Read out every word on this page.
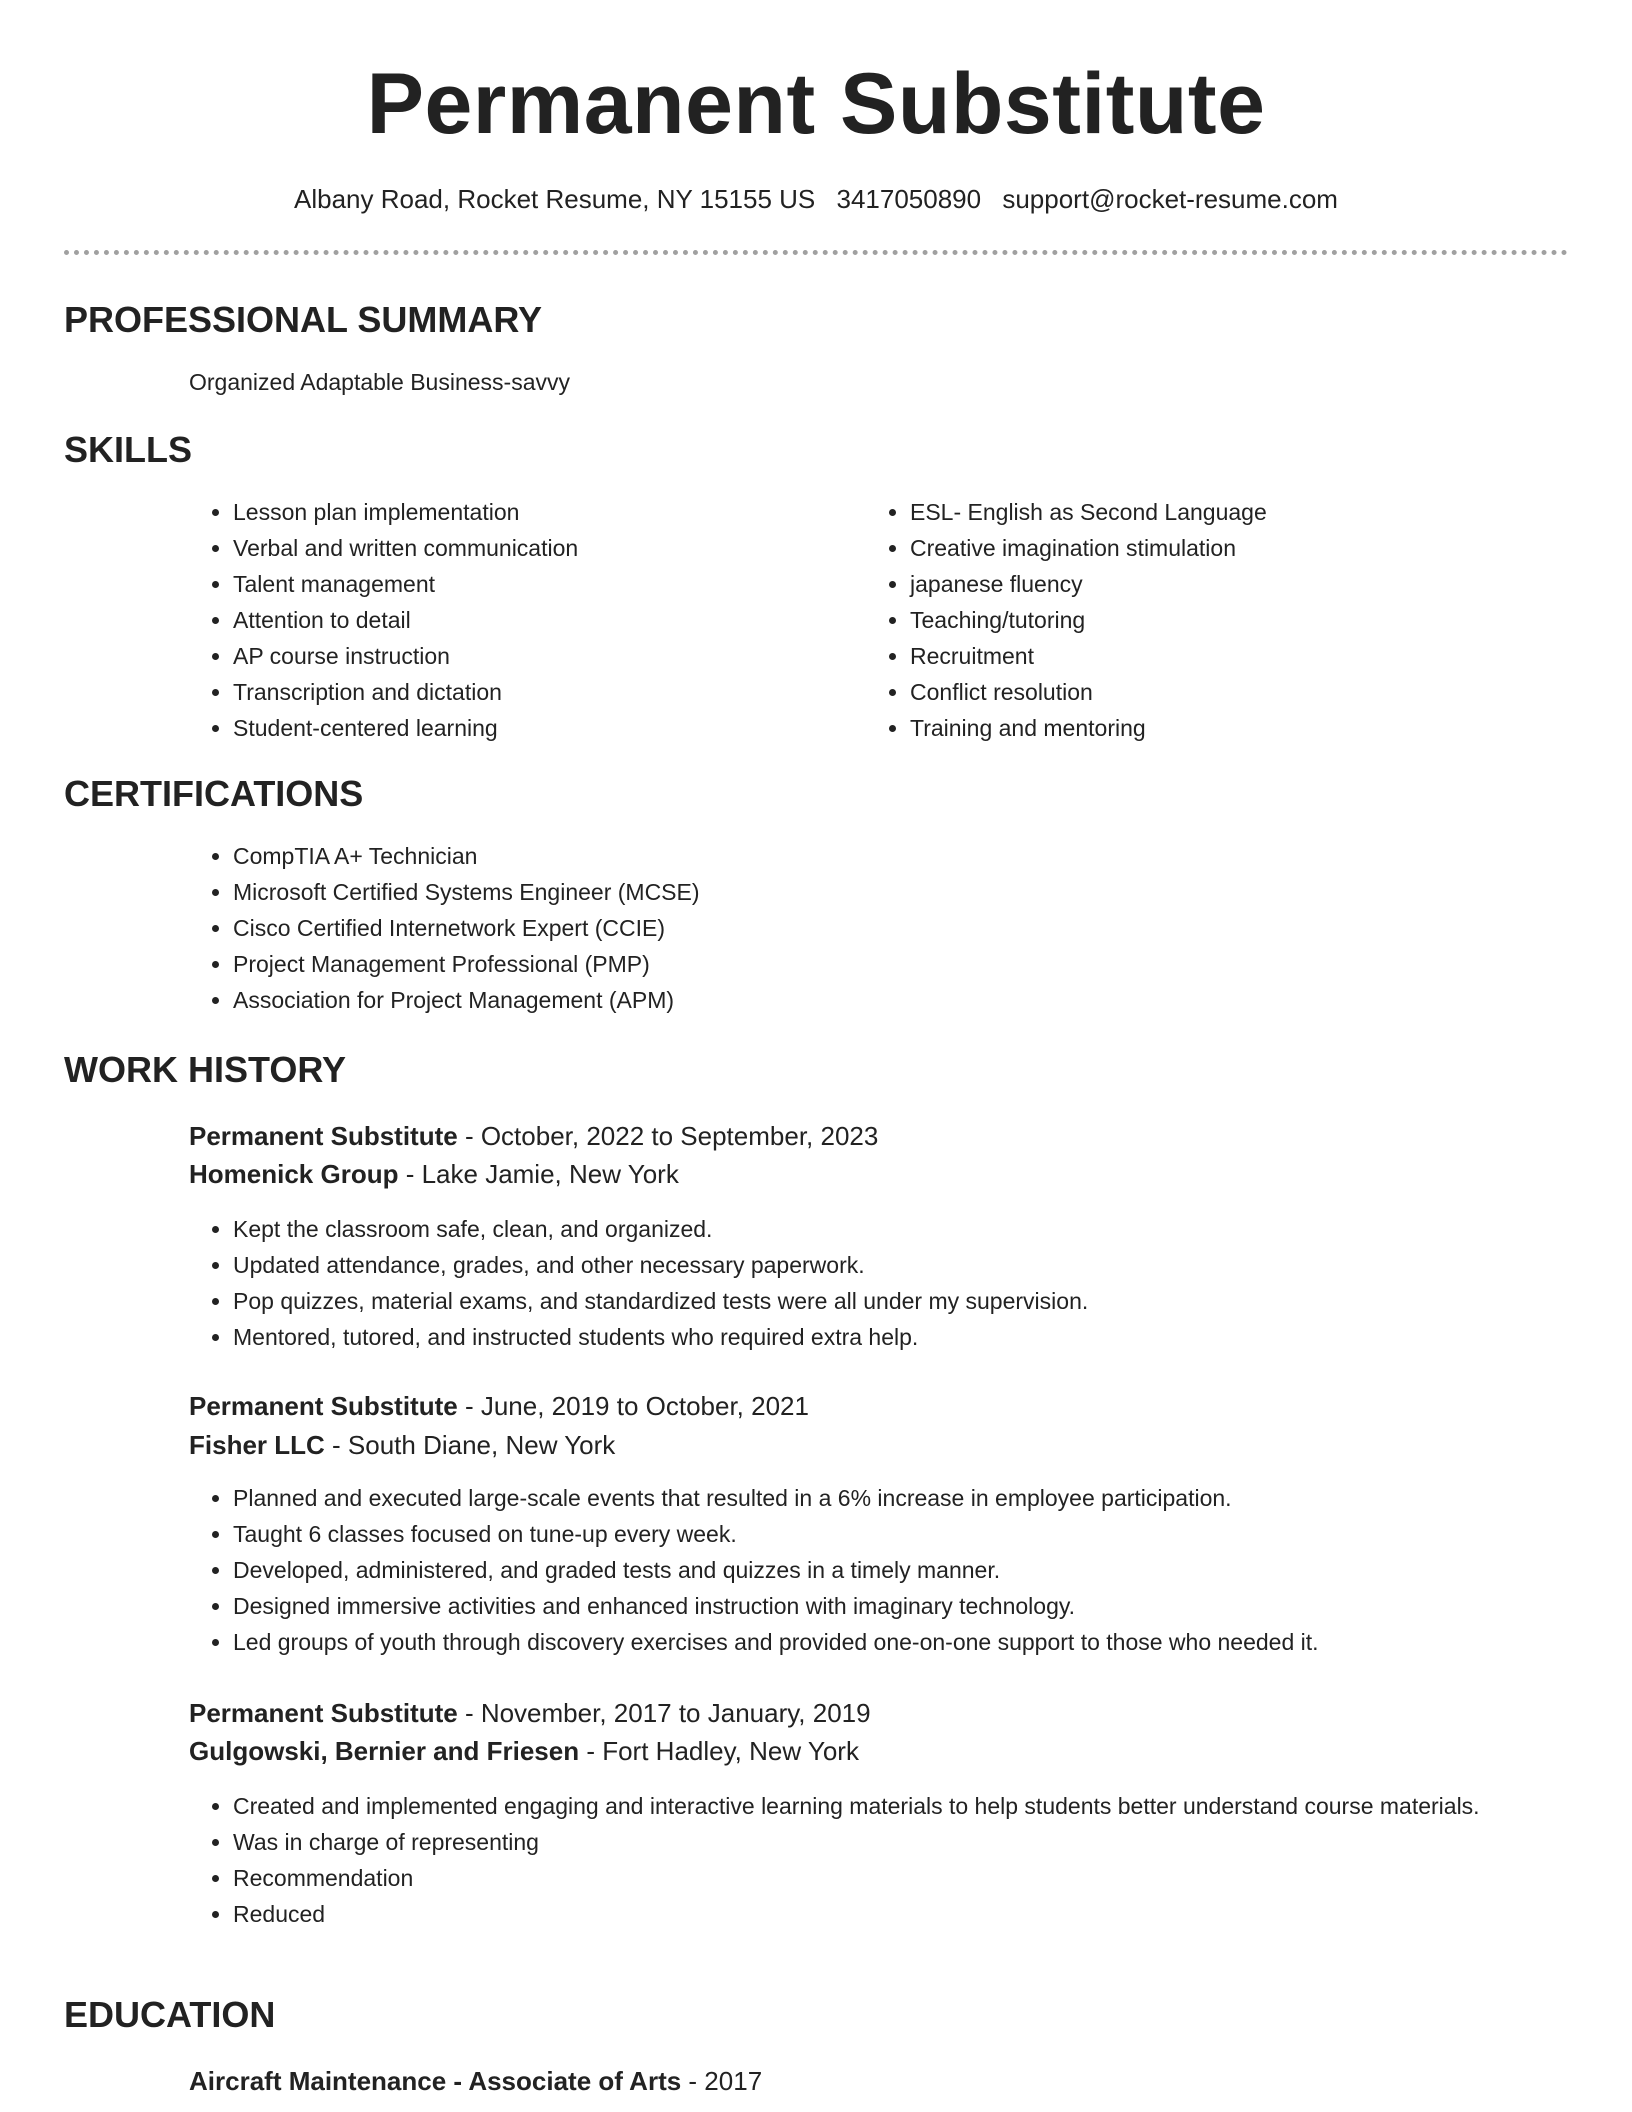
Permanent Substitute
Albany Road, Rocket Resume, NY 15155 US 3417050890 support@rocket-resume.com
PROFESSIONAL SUMMARY
Organized Adaptable Business-savvy
SKILLS
• Lesson plan implementation
• Verbal and written communication
• Talent management
• Attention to detail
• AP course instruction
• Transcription and dictation
• Student-centered learning
• ESL- English as Second Language
• Creative imagination stimulation
• japanese fluency
• Teaching/tutoring
• Recruitment
• Conflict resolution
• Training and mentoring
CERTIFICATIONS
• CompTIA A+ Technician
• Microsoft Certified Systems Engineer (MCSE)
• Cisco Certified Internetwork Expert (CCIE)
• Project Management Professional (PMP)
• Association for Project Management (APM)
WORK HISTORY
Permanent Substitute - October, 2022 to September, 2023
Homenick Group - Lake Jamie, New York
• Kept the classroom safe, clean, and organized.
• Updated attendance, grades, and other necessary paperwork.
• Pop quizzes, material exams, and standardized tests were all under my supervision.
• Mentored, tutored, and instructed students who required extra help.
Permanent Substitute - June, 2019 to October, 2021
Fisher LLC - South Diane, New York
• Planned and executed large-scale events that resulted in a 6% increase in employee participation.
• Taught 6 classes focused on tune-up every week.
• Developed, administered, and graded tests and quizzes in a timely manner.
• Designed immersive activities and enhanced instruction with imaginary technology.
• Led groups of youth through discovery exercises and provided one-on-one support to those who needed it.
Permanent Substitute - November, 2017 to January, 2019
Gulgowski, Bernier and Friesen - Fort Hadley, New York
• Created and implemented engaging and interactive learning materials to help students better understand course materials.
• Was in charge of representing
• Recommendation
• Reduced
EDUCATION
Aircraft Maintenance - Associate of Arts - 2017
